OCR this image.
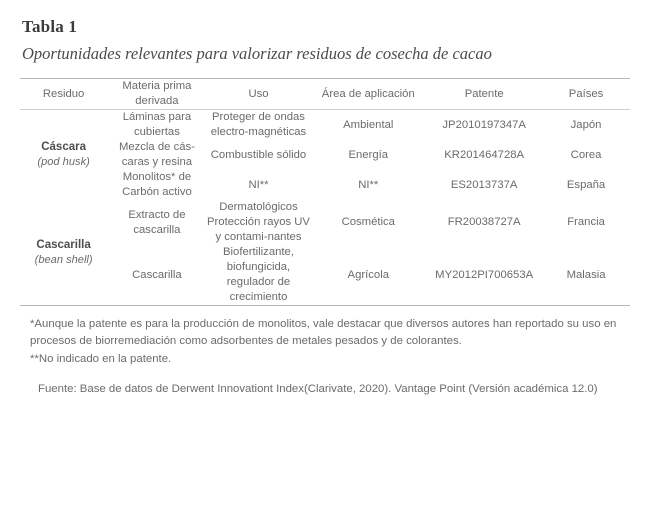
Tabla 1
Oportunidades relevantes para valorizar residuos de cosecha de cacao
Residuo	Materia prima derivada	Uso	Área de aplicación	Patente	Países

Cáscara
(pod husk)	Láminas para cubiertas	Proteger de ondas electro-magnéticas	Ambiental	JP2010197347A	Japón
	Mezcla de cás-caras y resina	Combustible sólido	Energía	KR201464728A	Corea
	Monolitos* de Carbón activo	NI**	NI**	ES2013737A	España

Cascarilla
(bean shell)	Extracto de cascarilla	Dermatológicos Protección rayos UV y contami-nantes	Cosmética	FR20038727A	Francia
	Cascarilla	Biofertilizante, biofungicida, regulador de crecimiento	Agrícola	MY2012PI700653A	Malasia

*Aunque la patente es para la producción de monolitos, vale destacar que diversos autores han reportado su uso en procesos de biorremediación como adsorbentes de metales pesados y de colorantes.

**No indicado en la patente.

Fuente: Base de datos de Derwent Innovationt Index(Clarivate, 2020). Vantage Point (Versión académica 12.0)
